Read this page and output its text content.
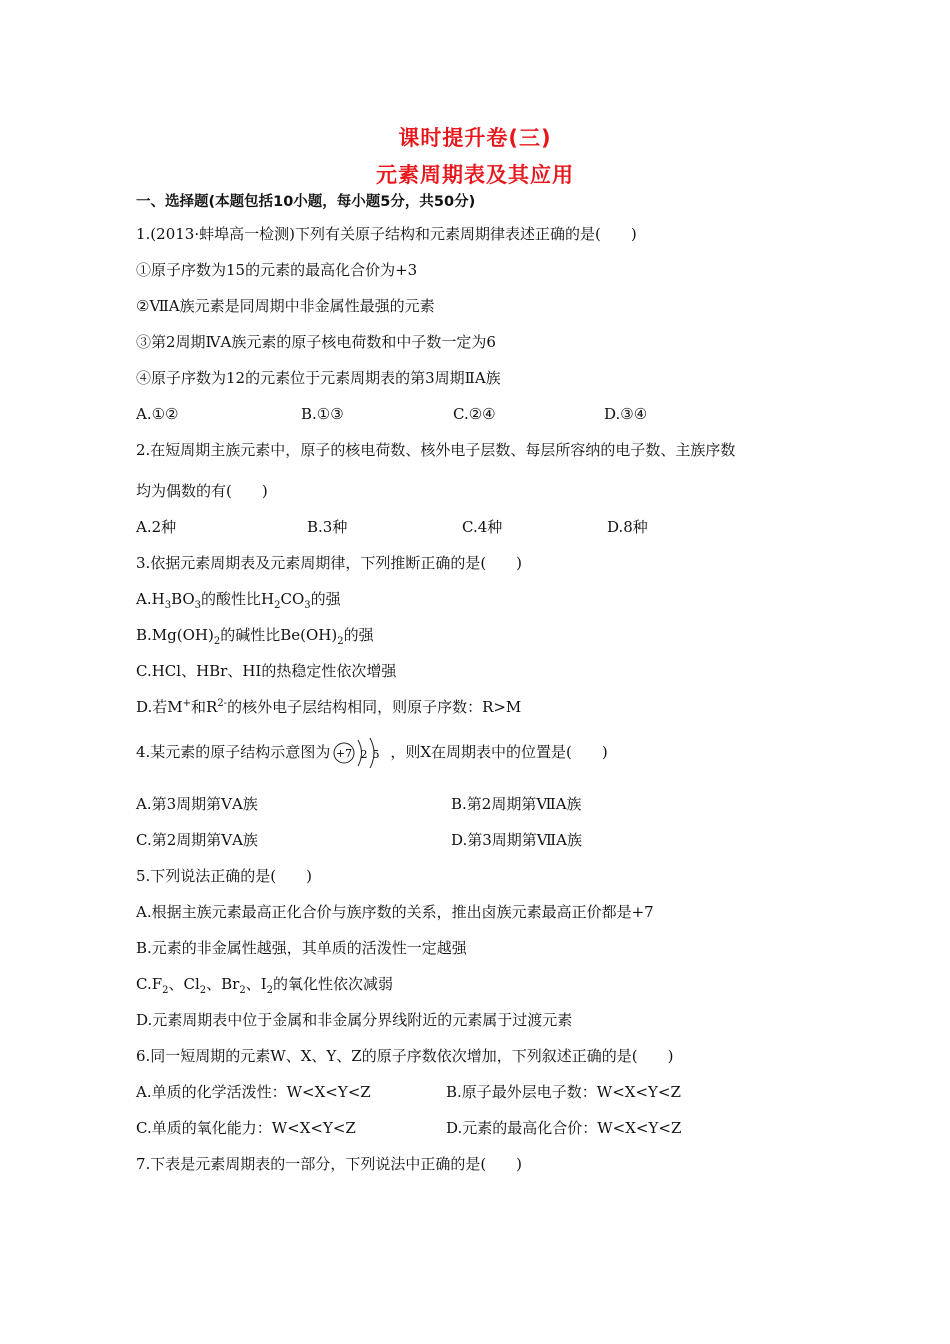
课时提升卷(三)
元素周期表及其应用
一、选择题(本题包括10小题，每小题5分，共50分)
1.(2013·蚌埠高一检测)下列有关原子结构和元素周期律表述正确的是(　　)
①原子序数为15的元素的最高化合价为+3
②ⅦA族元素是同周期中非金属性最强的元素
③第2周期ⅣA族元素的原子核电荷数和中子数一定为6
④原子序数为12的元素位于元素周期表的第3周期ⅡA族
A.①②	B.①③	C.②④	D.③④
2.在短周期主族元素中，原子的核电荷数、核外电子层数、每层所容纳的电子数、主族序数
均为偶数的有(　　)
A.2种	B.3种	C.4种	D.8种
3.依据元素周期表及元素周期律，下列推断正确的是(　　)
$A.H_3BO_3$的酸性比$H_2CO_3$的强
$B.Mg(OH)_2$的碱性比$Be(OH)_2$的强
C.HCl、HBr、HI的热稳定性依次增强
D.若M+和$R^{2-}$的核外电子层结构相同，则原子序数：R>M
4.某元素的原子结构示意图为 +7 2 5 ，则X在周期表中的位置是(　　)
A.第3周期第ⅤA族	B.第2周期第ⅦA族
C.第2周期第ⅤA族	D.第3周期第ⅦA族
5.下列说法正确的是(　　)
A.根据主族元素最高正化合价与族序数的关系，推出卤族元素最高正价都是+7
B.元素的非金属性越强，其单质的活泼性一定越强
$C.F_2$、$Cl_2$、$Br_2$、$I_2$的氧化性依次减弱
D.元素周期表中位于金属和非金属分界线附近的元素属于过渡元素
6.同一短周期的元素W、X、Y、Z的原子序数依次增加，下列叙述正确的是(　　)
A.单质的化学活泼性：W<X<Y<Z	B.原子最外层电子数：W<X<Y<Z
C.单质的氧化能力：W<X<Y<Z	D.元素的最高化合价：W<X<Y<Z
7.下表是元素周期表的一部分，下列说法中正确的是(　　)
